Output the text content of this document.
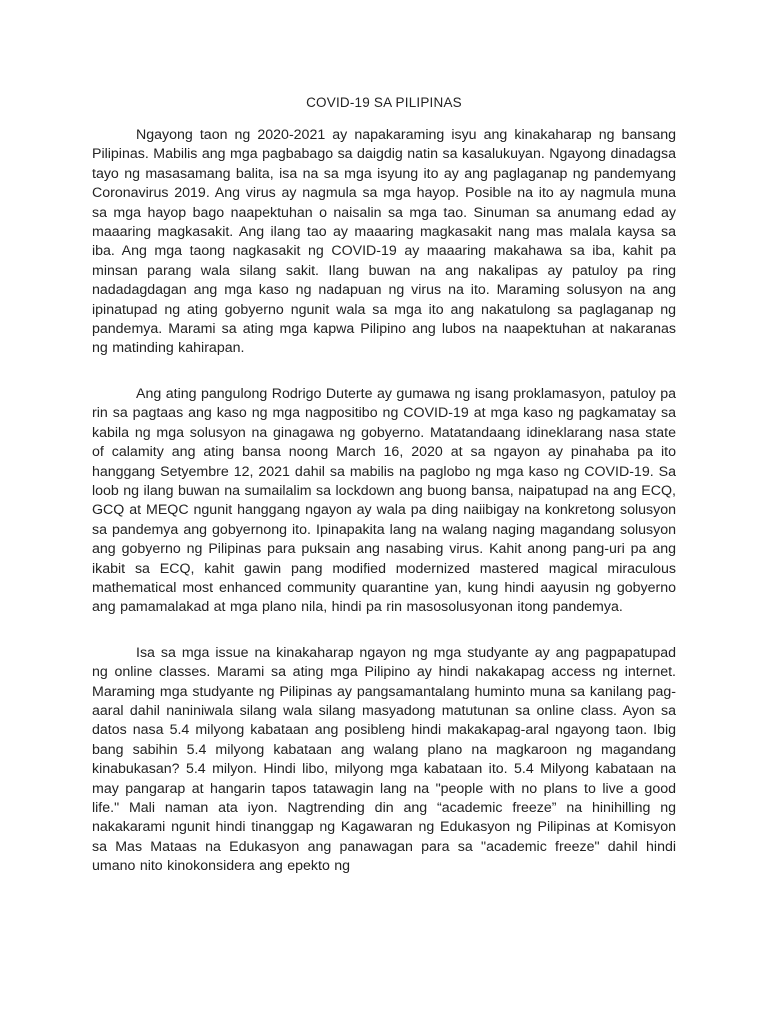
COVID-19 SA PILIPINAS

Ngayong taon ng 2020-2021 ay napakaraming isyu ang kinakaharap ng bansang Pilipinas. Mabilis ang mga pagbabago sa daigdig natin sa kasalukuyan. Ngayong dinadagsa tayo ng masasamang balita, isa na sa mga isyung ito ay ang paglaganap ng pandemyang Coronavirus 2019. Ang virus ay nagmula sa mga hayop. Posible na ito ay nagmula muna sa mga hayop bago naapektuhan o naisalin sa mga tao. Sinuman sa anumang edad ay maaaring magkasakit. Ang ilang tao ay maaaring magkasakit nang mas malala kaysa sa iba. Ang mga taong nagkasakit ng COVID-19 ay maaaring makahawa sa iba, kahit pa minsan parang wala silang sakit. Ilang buwan na ang nakalipas ay patuloy pa ring nadadagdagan ang mga kaso ng nadapuan ng virus na ito. Maraming solusyon na ang ipinatupad ng ating gobyerno ngunit wala sa mga ito ang nakatulong sa paglaganap ng pandemya. Marami sa ating mga kapwa Pilipino ang lubos na naapektuhan at nakaranas ng matinding kahirapan.

Ang ating pangulong Rodrigo Duterte ay gumawa ng isang proklamasyon, patuloy pa rin sa pagtaas ang kaso ng mga nagpositibo ng COVID-19 at mga kaso ng pagkamatay sa kabila ng mga solusyon na ginagawa ng gobyerno. Matatandaang idineklarang nasa state of calamity ang ating bansa noong March 16, 2020 at sa ngayon ay pinahaba pa ito hanggang Setyembre 12, 2021 dahil sa mabilis na paglobo ng mga kaso ng COVID-19. Sa loob ng ilang buwan na sumailalim sa lockdown ang buong bansa, naipatupad na ang ECQ, GCQ at MEQC ngunit hanggang ngayon ay wala pa ding naiibigay na konkretong solusyon sa pandemya ang gobyernong ito. Ipinapakita lang na walang naging magandang solusyon ang gobyerno ng Pilipinas para puksain ang nasabing virus. Kahit anong pang-uri pa ang ikabit sa ECQ, kahit gawin pang modified modernized mastered magical miraculous mathematical most enhanced community quarantine yan, kung hindi aayusin ng gobyerno ang pamamalakad at mga plano nila, hindi pa rin masosolusyonan itong pandemya.

Isa sa mga issue na kinakaharap ngayon ng mga studyante ay ang pagpapatupad ng online classes. Marami sa ating mga Pilipino ay hindi nakakapag access ng internet. Maraming mga studyante ng Pilipinas ay pangsamantalang huminto muna sa kanilang pag-aaral dahil naniniwala silang wala silang masyadong matutunan sa online class. Ayon sa datos nasa 5.4 milyong kabataan ang posibleng hindi makakapag-aral ngayong taon. Ibig bang sabihin 5.4 milyong kabataan ang walang plano na magkaroon ng magandang kinabukasan? 5.4 milyon. Hindi libo, milyong mga kabataan ito. 5.4 Milyong kabataan na may pangarap at hangarin tapos tatawagin lang na "people with no plans to live a good life." Mali naman ata iyon. Nagtrending din ang “academic freeze” na hinihilling ng nakakarami ngunit hindi tinanggap ng Kagawaran ng Edukasyon ng Pilipinas at Komisyon sa Mas Mataas na Edukasyon ang panawagan para sa "academic freeze" dahil hindi umano nito kinokonsidera ang epekto ng
